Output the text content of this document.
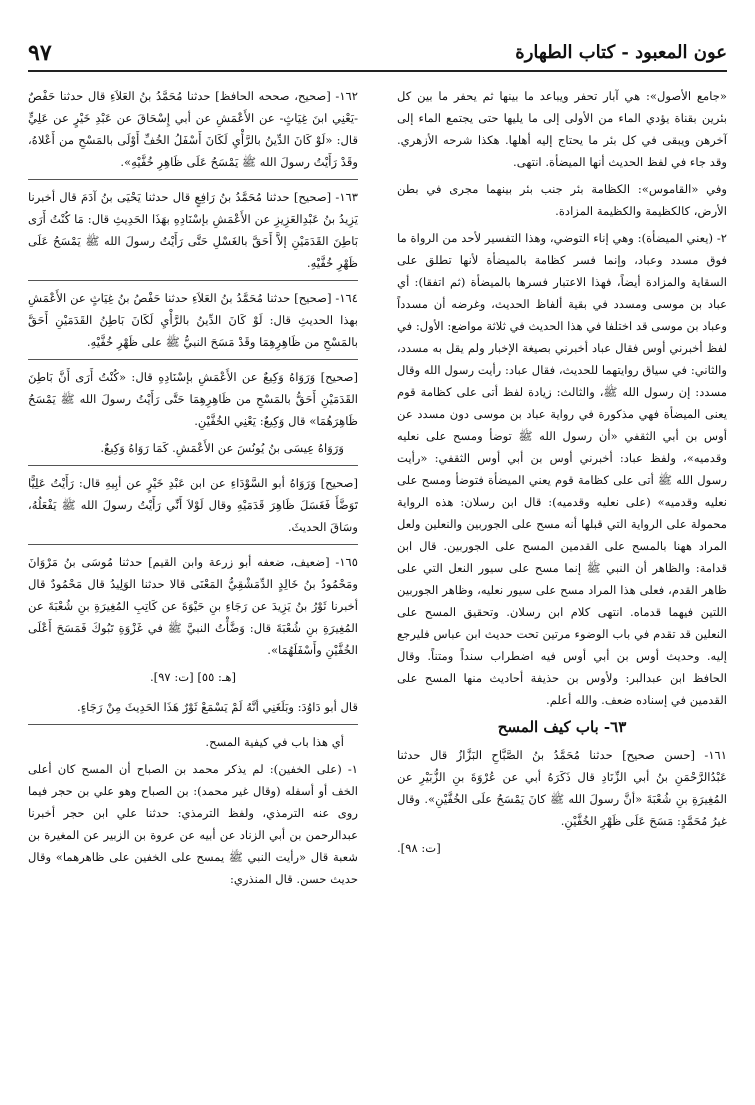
٩٧	عون المعبود - كتاب الطهارة

«جامع الأصول»: هي آبار تحفر ويباعد ما بينها ثم يحفر ما بين كل بئرين بقناة يؤدي الماء من الأولى إلى ما يليها حتى يجتمع الماء إلى آخرهن ويبقى في كل بئر ما يحتاج إليه أهلها. هكذا شرحه الأزهري. وقد جاء في لفظ الحديث أنها الميضأة. انتهى.

وفي «القاموس»: الكظامة بئر جنب بئر بينهما مجرى في بطن الأرض، كالكظيمة والكظيمة المزادة.

٢- (يعني الميضأة): وهي إناء التوضي، وهذا التفسير لأحد من الرواة ما فوق مسدد وعباد، وإنما فسر كظامة بالميضأة لأنها تطلق على السقاية والمزادة أيضاً، فهذا الاعتبار فسرها بالميضأة (ثم اتفقا): أي عباد بن موسى ومسدد في بقية ألفاظ الحديث، وغرضه أن مسدداً وعباد بن موسى قد اختلفا في هذا الحديث في ثلاثة مواضع: الأول: في لفظ أخبرني أوس فقال عباد أخبرني بصيغة الإخبار ولم يقل به مسدد، والثاني: في سياق روايتهما للحديث، فقال عباد: رأيت رسول الله وقال مسدد: إن رسول الله ﷺ، والثالث: زيادة لفظ أتى على كظامة قوم يعنى الميضأة فهي مذكورة في رواية عباد بن موسى دون مسدد عن أوس بن أبي الثقفي «أن رسول الله ﷺ توضأ ومسح على نعليه وقدميه»، ولفظ عباد: أخبرني أوس بن أبي أوس الثقفي: «رأيت رسول الله ﷺ أتى على كظامة قوم يعني الميضأة فتوضأ ومسح على نعليه وقدميه» (على نعليه وقدميه): قال ابن رسلان: هذه الرواية محمولة على الرواية التي قبلها أنه مسح على الجوربين والنعلين ولعل المراد ههنا بالمسح على القدمين المسح على الجوربين. قال ابن قدامة: والظاهر أن النبي ﷺ إنما مسح على سيور النعل التي على ظاهر القدم، فعلى هذا المراد مسح على سيور نعليه، وظاهر الجوربين اللتين فيهما قدماه. انتهى كلام ابن رسلان. وتحقيق المسح على النعلين قد تقدم في باب الوضوء مرتين تحت حديث ابن عباس فليرجع إليه. وحديث أوس بن أبي أوس فيه اضطراب سنداً ومتناً. وقال الحافظ ابن عبدالبر: ولأوس بن حذيفة أحاديث منها المسح على القدمين في إسناده ضعف. والله أعلم.

٦٣- باب كيف المسح

١٦١- [حسن صحيح] حدثنا مُحَمَّدُ بنُ الصَّبَّاحِ البَزَّازُ قال حدثنا عَبْدُالرَّحْمَنِ بنُ أبي الزِّنَادِ قال ذَكَرَهُ أبي عن عُرْوَةَ بنِ الزُّبَيْرِ عن المُغِيرَةِ بنِ شُعْبَةَ «أنَّ رسولَ الله ﷺ كانَ يَمْسَحُ علَى الخُفَّيْنِ». وقال غيرُ مُحَمَّدٍ: مَسَحَ عَلَى ظَهْرِ الخُفَّيْنِ.

[ت: ٩٨].

١٦٢- [صحيح، صححه الحافظ] حدثنا مُحَمَّدُ بنُ العَلاَءِ قال حدثنا حَفْصٌ -يَعْنِي ابنَ غِيَاثٍ- عن الأَعْمَشِ عن أبي إِسْحَاقَ عن عَبْدِ خَيْرٍ عن عَلِيٍّ قال: «لَوْ كَانَ الدِّينُ بالرَّأْيِ لَكَانَ أَسْفَلُ الخُفِّ أَوْلَى بالمَسْحِ من أَعْلاهُ، وقَدْ رَأَيْتُ رسولَ الله ﷺ يَمْسَحُ عَلَى ظَاهِرِ خُفَّيْهِ».

١٦٣- [صحيح] حدثنا مُحَمَّدُ بنُ رَافِعٍ قال حدثنا يَحْيَى بنُ آدَمَ قال أخبرنا يَزِيدُ بنُ عَبْدِالعَزِيزِ عن الأَعْمَشِ بإسْنَادِهِ بهَذَا الحَدِيثِ قال: مَا كُنْتُ أَرَى بَاطِنَ القَدَمَيْنِ إلاَّ أَحَقَّ بالغَسْلِ حَتَّى رَأَيْتُ رسولَ الله ﷺ يَمْسَحُ عَلَى ظَهْرِ خُفَّيْهِ.

١٦٤- [صحيح] حدثنا مُحَمَّدُ بنُ العَلاَءِ حدثنا حَفْصُ بنُ غِيَاثٍ عن الأَعْمَشِ بهذا الحديثِ قال: لَوْ كَانَ الدِّينُ بالرَّأْيِ لَكَانَ بَاطِنُ القَدَمَيْنِ أَحَقَّ بالمَسْحِ من ظَاهِرِهِمَا وقَدْ مَسَحَ النبيُّ ﷺ على ظَهْرِ خُفَّيْهِ.

[صحيح] وَرَوَاهُ وَكِيعٌ عن الأَعْمَشِ بإسْنَادِهِ قال: «كُنْتُ أَرَى أَنَّ بَاطِنَ القَدَمَيْنِ أَحَقُّ بالمَسْحِ من ظَاهِرِهِمَا حَتَّى رَأَيْتُ رسولَ الله ﷺ يَمْسَحُ ظَاهِرَهُمَا» قال وَكِيعٌ: يَعْنِي الخُفَّيْنِ.

وَرَوَاهُ عِيسَى بنُ يُونُسَ عن الأَعْمَشِ. كَمَا رَوَاهُ وَكِيعٌ.

[صحيح] وَرَوَاهُ أبو السَّوْدَاءِ عن ابن عَبْدِ خَيْرٍ عن أبِيهِ قال: رَأَيْتُ عَلِيًّا تَوَضَّأَ فَغَسَلَ ظَاهِرَ قَدَمَيْهِ وقال لَوْلاَ أَنِّي رَأَيْتُ رسولَ الله ﷺ يَفْعَلُهُ، وسَاقَ الحديثَ.

١٦٥- [ضعيف، ضعفه أبو زرعة وابن القيم] حدثنا مُوسَى بنُ مَرْوَانَ ومَحْمُودُ بنُ خَالِدٍ الدِّمَشْقِيُّ المَعْنَى قالا حدثنا الوَلِيدُ قال مَحْمُودٌ قال أخبرنا ثَوْرُ بنُ يَزِيدَ عن رَجَاءِ بنِ حَيْوَةَ عن كَاتِبِ المُغِيرَةِ بنِ شُعْبَةَ عن المُغِيرَةِ بنِ شُعْبَةَ قال: وَضَّأْتُ النبيَّ ﷺ في غَزْوَةِ تَبُوكَ فَمَسَحَ أَعْلَى الخُفَّيْنِ وأَسْفَلَهُمَا».

[هـ: ٥٥] [ت: ٩٧].

قال أبو دَاوُدَ: وبَلَغَنِي أنَّهُ لَمْ يَسْمَعْ ثَوْرٌ هَذَا الحَدِيثَ مِنْ رَجَاءٍ.

أي هذا باب في كيفية المسح.

١- (على الخفين): لم يذكر محمد بن الصباح أن المسح كان أعلى الخف أو أسفله (وقال غير محمد): بن الصباح وهو علي بن حجر فيما روى عنه الترمذي، ولفظ الترمذي: حدثنا علي ابن حجر أخبرنا عبدالرحمن بن أبي الزناد عن أبيه عن عروة بن الزبير عن المغيرة بن شعبة قال «رأيت النبي ﷺ يمسح على الخفين على ظاهرهما» وقال حديث حسن. قال المنذري:
